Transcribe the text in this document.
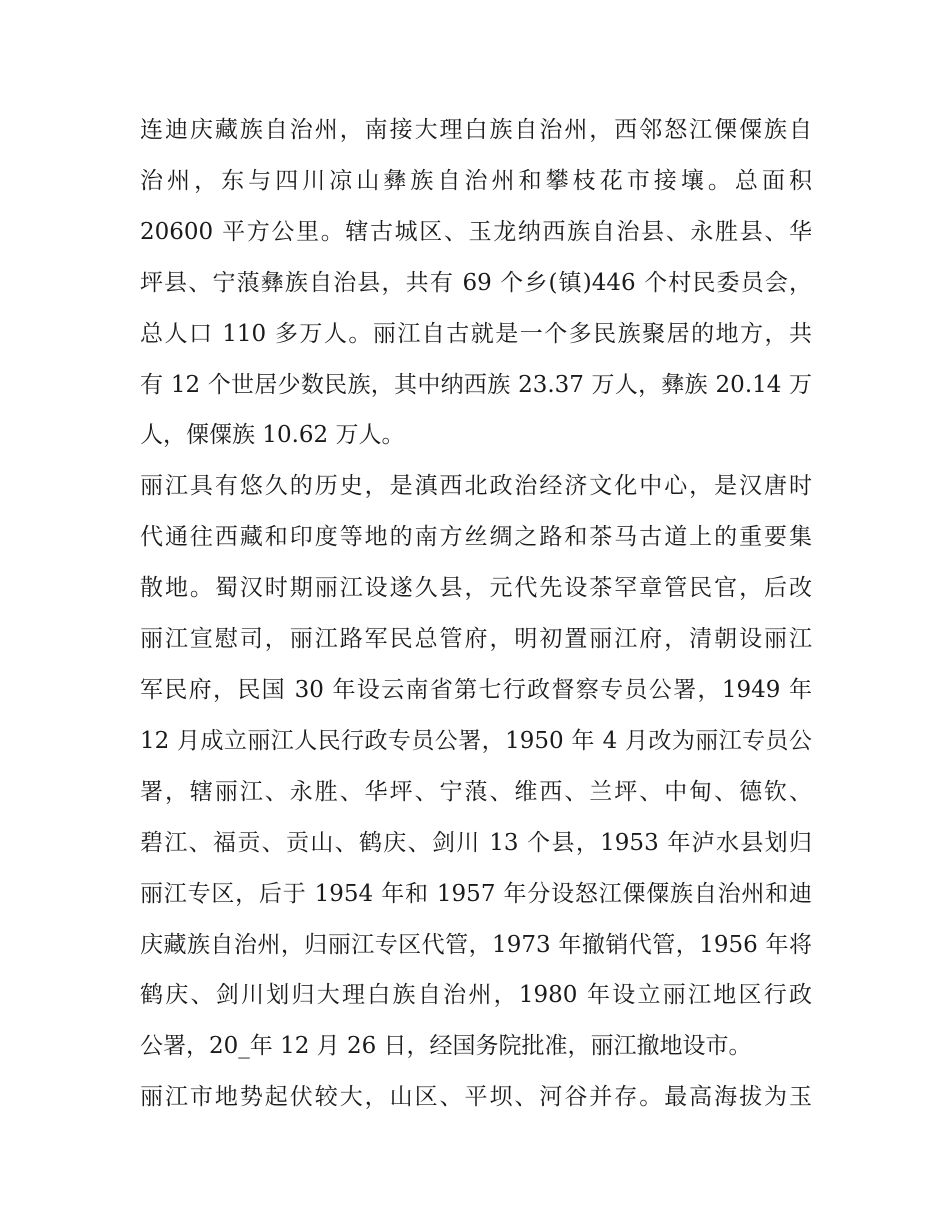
连迪庆藏族自治州，南接大理白族自治州，西邻怒江傈僳族自
治州，东与四川凉山彝族自治州和攀枝花市接壤。总面积
20600 平方公里。辖古城区、玉龙纳西族自治县、永胜县、华
坪县、宁蒗彝族自治县，共有 69 个乡(镇)446 个村民委员会，
总人口 110 多万人。丽江自古就是一个多民族聚居的地方，共
有 12 个世居少数民族，其中纳西族 23.37 万人，彝族 20.14 万
人，傈僳族 10.62 万人。
丽江具有悠久的历史，是滇西北政治经济文化中心，是汉唐时
代通往西藏和印度等地的南方丝绸之路和茶马古道上的重要集
散地。蜀汉时期丽江设遂久县，元代先设茶罕章管民官，后改
丽江宣慰司，丽江路军民总管府，明初置丽江府，清朝设丽江
军民府，民国 30 年设云南省第七行政督察专员公署，1949 年
12 月成立丽江人民行政专员公署，1950 年 4 月改为丽江专员公
署，辖丽江、永胜、华坪、宁蒗、维西、兰坪、中甸、德钦、
碧江、福贡、贡山、鹤庆、剑川 13 个县，1953 年泸水县划归
丽江专区，后于 1954 年和 1957 年分设怒江傈僳族自治州和迪
庆藏族自治州，归丽江专区代管，1973 年撤销代管，1956 年将
鹤庆、剑川划归大理白族自治州，1980 年设立丽江地区行政
公署，20_年 12 月 26 日，经国务院批准，丽江撤地设市。
丽江市地势起伏较大，山区、平坝、河谷并存。最高海拔为玉
